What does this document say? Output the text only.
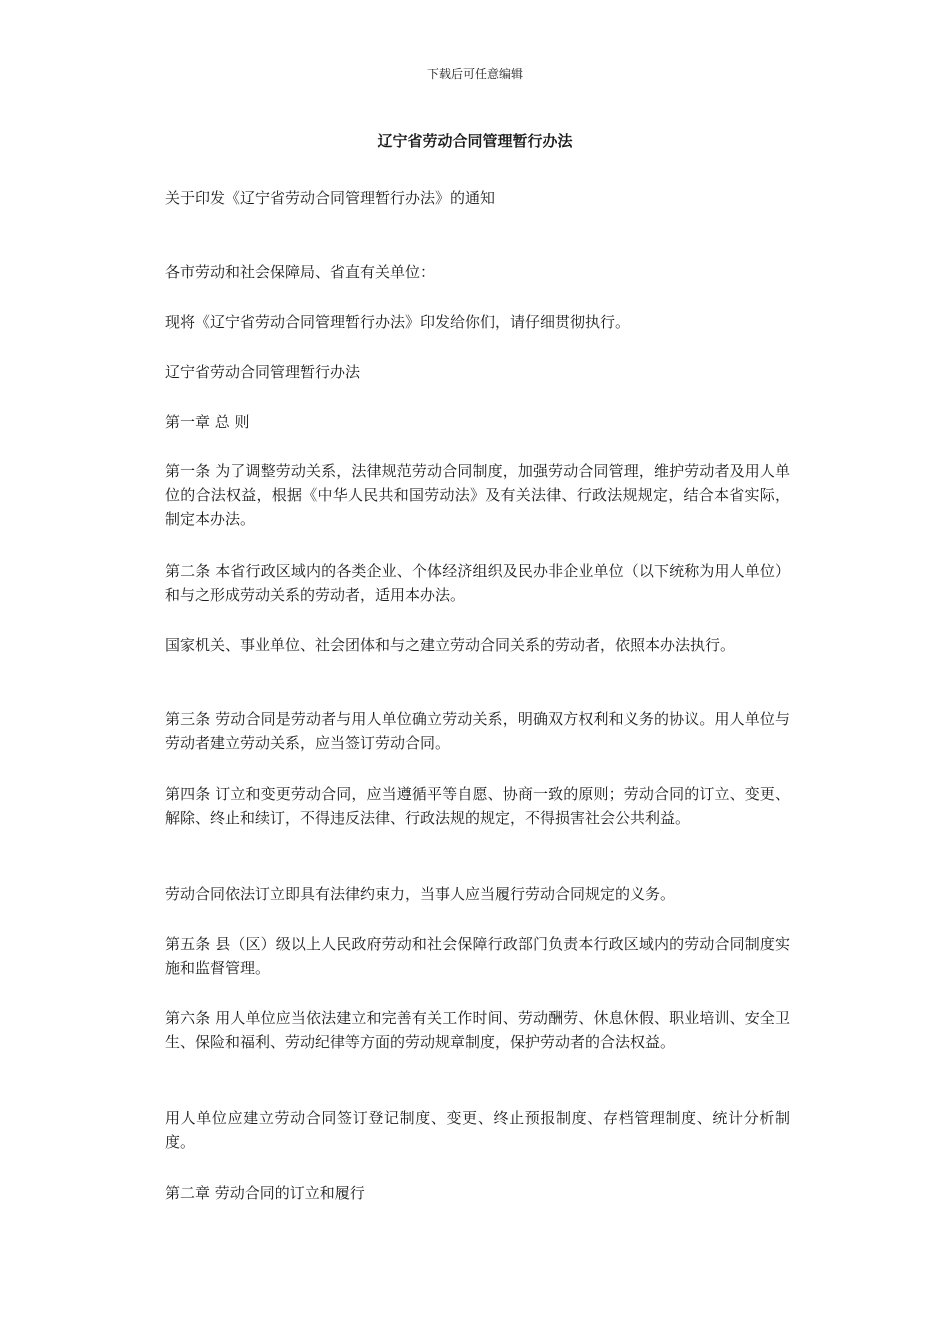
下载后可任意编辑
辽宁省劳动合同管理暂行办法

关于印发《辽宁省劳动合同管理暂行办法》的通知

各市劳动和社会保障局、省直有关单位：

现将《辽宁省劳动合同管理暂行办法》印发给你们，请仔细贯彻执行。

辽宁省劳动合同管理暂行办法

第一章 总 则

第一条 为了调整劳动关系，法律规范劳动合同制度，加强劳动合同管理，维护劳动者及用人单位的合法权益，根据《中华人民共和国劳动法》及有关法律、行政法规规定，结合本省实际，制定本办法。

第二条 本省行政区域内的各类企业、个体经济组织及民办非企业单位（以下统称为用人单位）和与之形成劳动关系的劳动者，适用本办法。

国家机关、事业单位、社会团体和与之建立劳动合同关系的劳动者，依照本办法执行。

第三条 劳动合同是劳动者与用人单位确立劳动关系，明确双方权利和义务的协议。用人单位与劳动者建立劳动关系，应当签订劳动合同。

第四条 订立和变更劳动合同，应当遵循平等自愿、协商一致的原则；劳动合同的订立、变更、解除、终止和续订，不得违反法律、行政法规的规定，不得损害社会公共利益。

劳动合同依法订立即具有法律约束力，当事人应当履行劳动合同规定的义务。

第五条 县（区）级以上人民政府劳动和社会保障行政部门负责本行政区域内的劳动合同制度实施和监督管理。

第六条 用人单位应当依法建立和完善有关工作时间、劳动酬劳、休息休假、职业培训、安全卫生、保险和福利、劳动纪律等方面的劳动规章制度，保护劳动者的合法权益。

用人单位应建立劳动合同签订登记制度、变更、终止预报制度、存档管理制度、统计分析制度。

第二章 劳动合同的订立和履行
